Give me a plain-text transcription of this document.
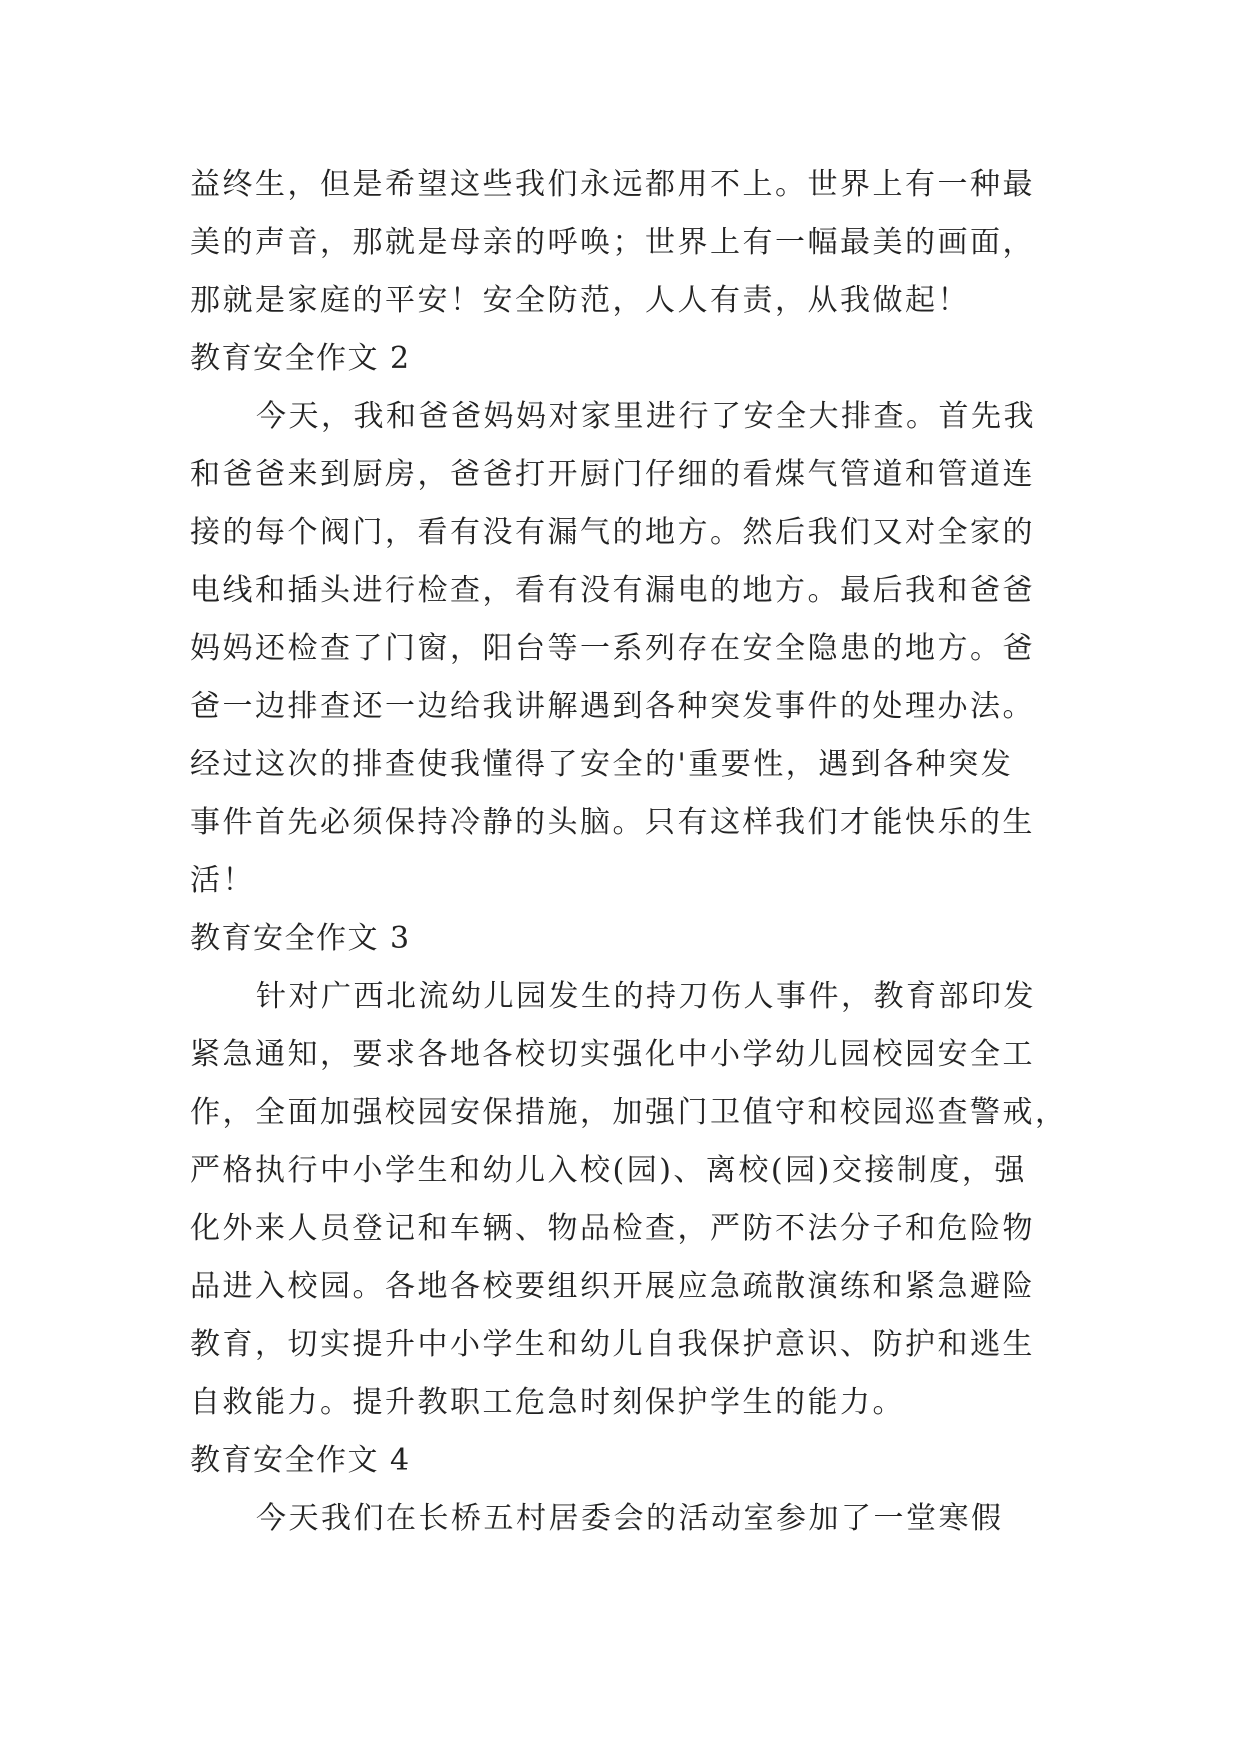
益终生，但是希望这些我们永远都用不上。世界上有一种最
美的声音，那就是母亲的呼唤；世界上有一幅最美的画面，
那就是家庭的平安！安全防范，人人有责，从我做起！
教育安全作文 2
今天，我和爸爸妈妈对家里进行了安全大排查。首先我
和爸爸来到厨房，爸爸打开厨门仔细的看煤气管道和管道连
接的每个阀门，看有没有漏气的地方。然后我们又对全家的
电线和插头进行检查，看有没有漏电的地方。最后我和爸爸
妈妈还检查了门窗，阳台等一系列存在安全隐患的地方。爸
爸一边排查还一边给我讲解遇到各种突发事件的处理办法。
经过这次的排查使我懂得了安全的'重要性，遇到各种突发
事件首先必须保持冷静的头脑。只有这样我们才能快乐的生
活！
教育安全作文 3
针对广西北流幼儿园发生的持刀伤人事件，教育部印发
紧急通知，要求各地各校切实强化中小学幼儿园校园安全工
作，全面加强校园安保措施，加强门卫值守和校园巡查警戒，
严格执行中小学生和幼儿入校(园)、离校(园)交接制度，强
化外来人员登记和车辆、物品检查，严防不法分子和危险物
品进入校园。各地各校要组织开展应急疏散演练和紧急避险
教育，切实提升中小学生和幼儿自我保护意识、防护和逃生
自救能力。提升教职工危急时刻保护学生的能力。
教育安全作文 4
今天我们在长桥五村居委会的活动室参加了一堂寒假
